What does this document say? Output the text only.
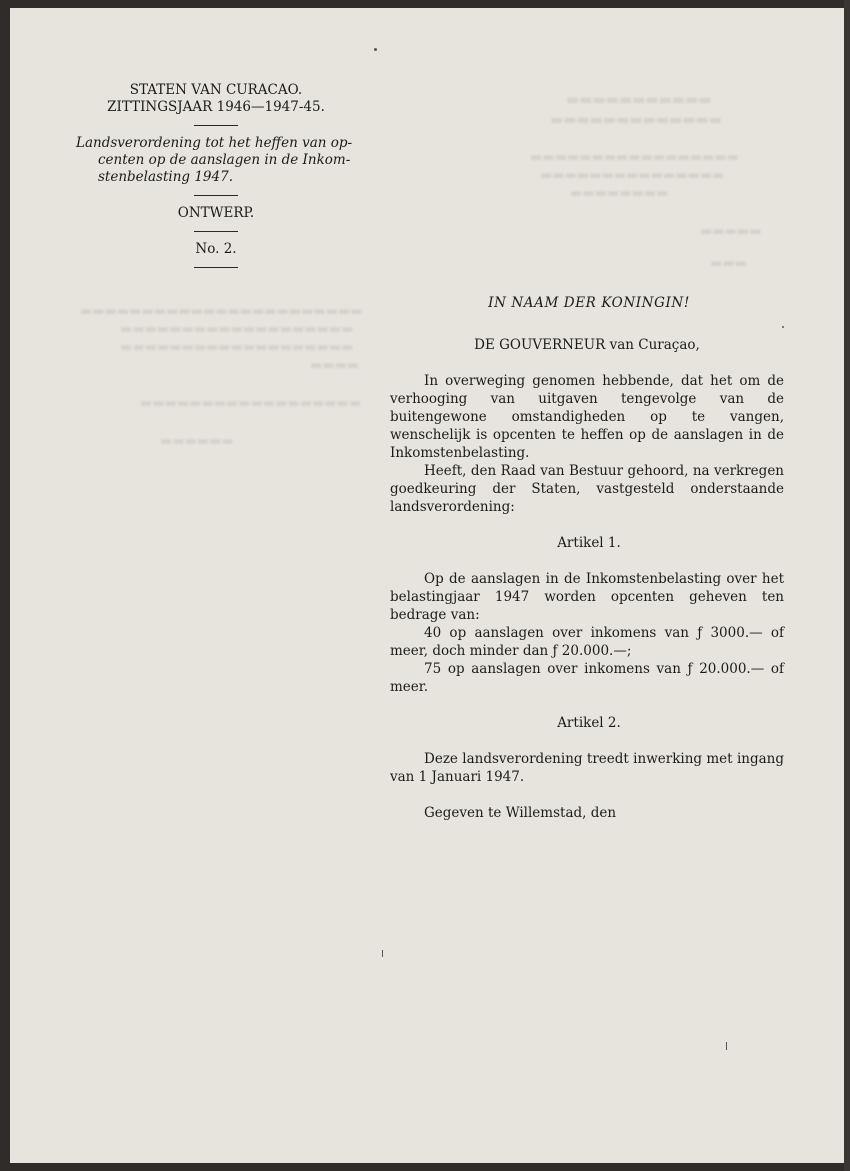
▬▬▬▬▬▬▬▬▬▬▬
▬▬▬▬▬▬▬▬▬▬▬▬▬
▬▬▬▬▬▬▬▬▬▬▬▬▬▬▬▬▬
▬▬▬▬▬▬▬▬▬▬▬▬▬▬▬
▬▬▬▬▬▬▬▬
▬▬▬▬▬
▬▬▬
▬▬▬▬▬▬▬▬▬▬▬▬▬▬▬▬▬▬▬▬▬▬▬
▬▬▬▬▬▬▬▬▬▬▬▬▬▬▬▬▬▬▬
▬▬▬▬▬▬▬▬▬▬▬▬▬▬▬▬▬▬▬
▬▬▬▬
▬▬▬▬▬▬▬▬▬▬▬▬▬▬▬▬▬▬
▬▬▬▬▬▬
STATEN VAN CURACAO.
ZITTINGSJAAR 1946—1947-45.
Landsverordening tot het heffen van op-
centen op de aanslagen in de Inkom-
stenbelasting 1947.
ONTWERP.
No. 2.
IN NAAM DER KONINGIN!
DE GOUVERNEUR van Curaçao,

In overweging genomen hebbende, dat het om de verhooging van uitgaven tengevolge van de buitengewone omstandigheden op te vangen, wenschelijk is opcenten te heffen op de aanslagen in de Inkomstenbelasting.

Heeft, den Raad van Bestuur gehoord, na verkregen goedkeuring der Staten, vastgesteld onderstaande landsverordening:

Artikel 1.

Op de aanslagen in de Inkomstenbelasting over het belastingjaar 1947 worden opcenten geheven ten bedrage van:

40 op aanslagen over inkomens van ƒ 3000.— of meer, doch minder dan ƒ 20.000.—;

75 op aanslagen over inkomens van ƒ 20.000.— of meer.

Artikel 2.

Deze landsverordening treedt inwerking met ingang van 1 Januari 1947.

Gegeven te Willemstad, den
